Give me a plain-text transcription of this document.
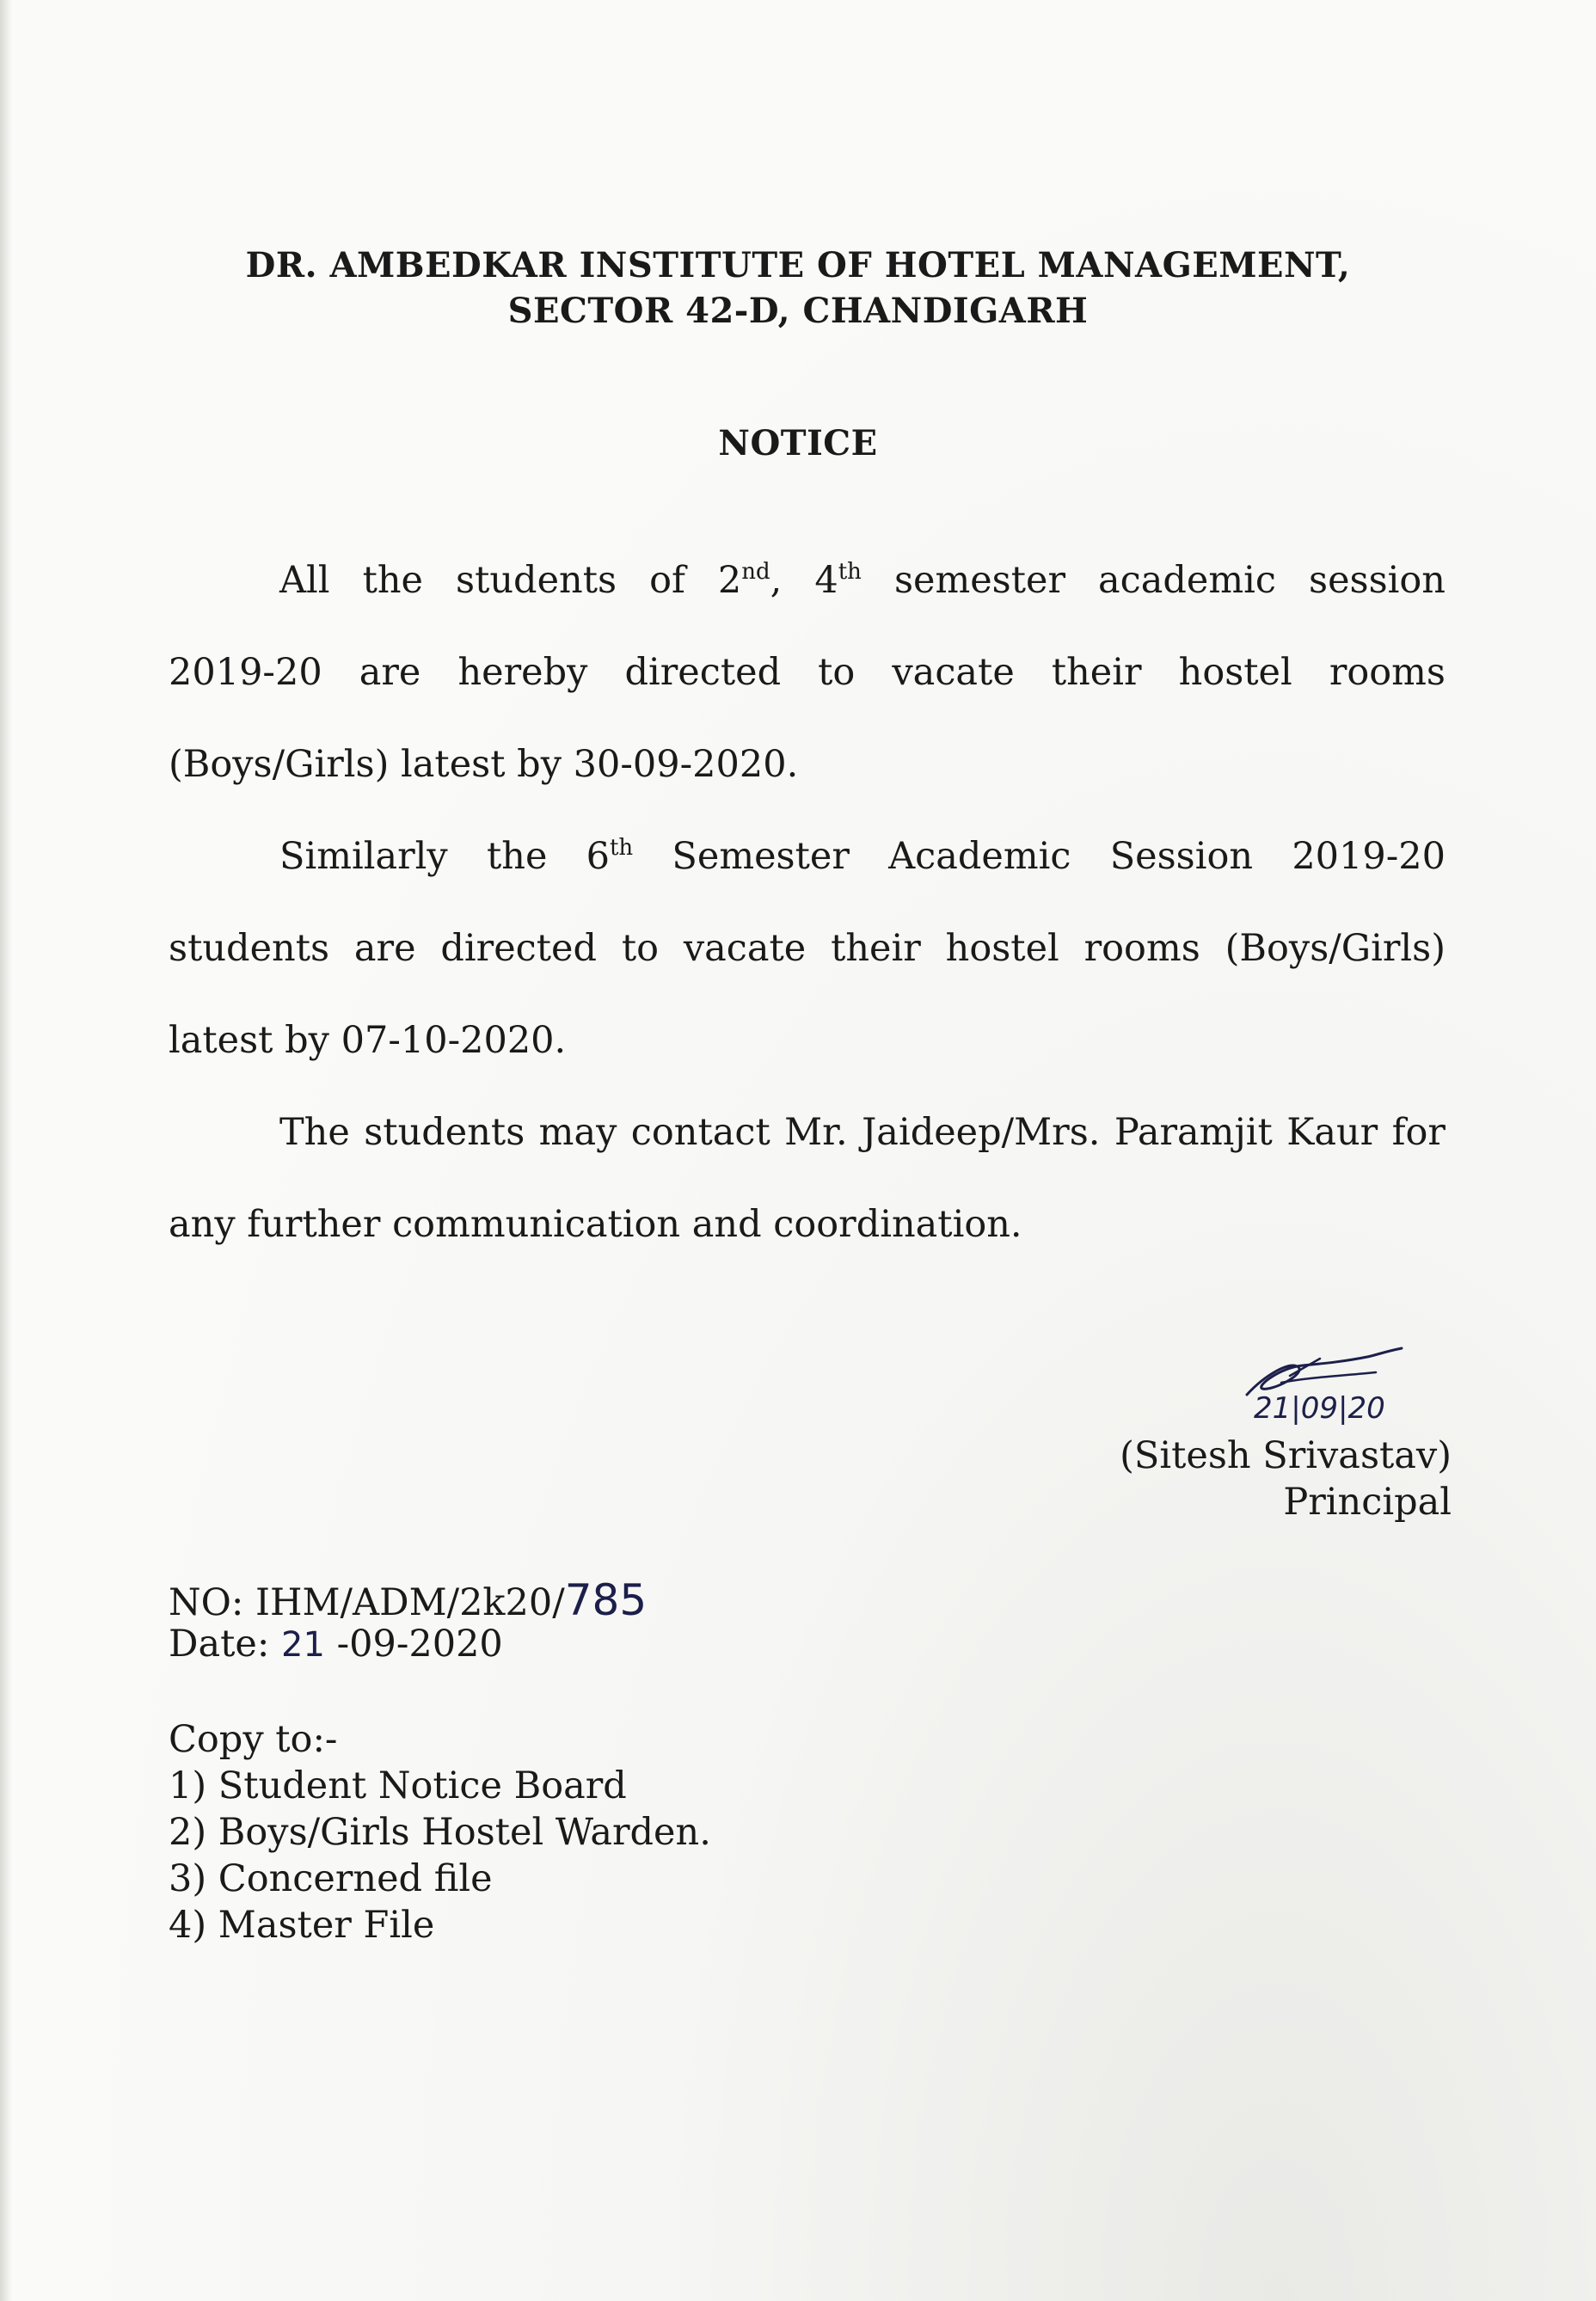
DR. AMBEDKAR INSTITUTE OF HOTEL MANAGEMENT,
SECTOR 42-D, CHANDIGARH
NOTICE
All the students of 2nd, 4th semester academic session
2019-20 are hereby directed to vacate their hostel rooms
(Boys/Girls) latest by 30-09-2020.
Similarly the 6th Semester Academic Session 2019-20
students are directed to vacate their hostel rooms (Boys/Girls)
latest by 07-10-2020.
The students may contact Mr. Jaideep/Mrs. Paramjit Kaur for
any further communication and coordination.
21|09|20
(Sitesh Srivastav)
Principal
NO: IHM/ADM/2k20/785
Date: 21 -09-2020
Copy to:-
1) Student Notice Board
2) Boys/Girls Hostel Warden.
3) Concerned file
4) Master File
